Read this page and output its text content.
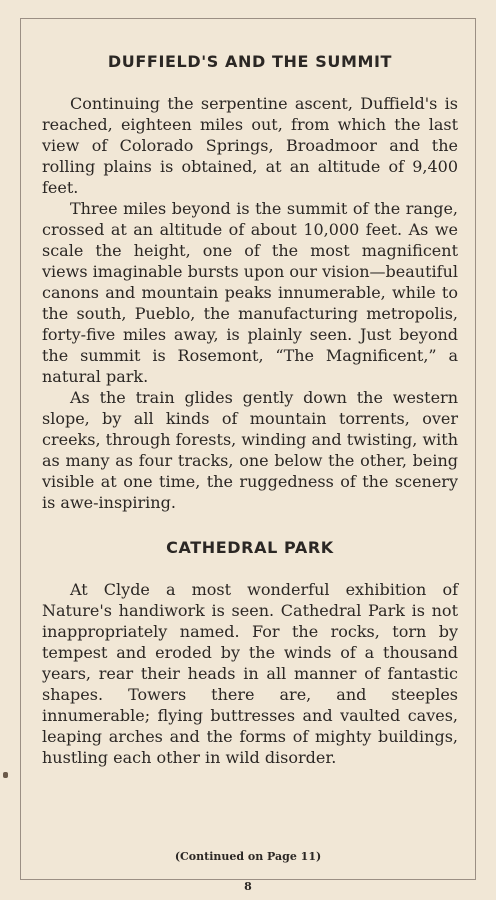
DUFFIELD'S AND THE SUMMIT

Continuing the serpentine ascent, Duffield's is reached, eighteen miles out, from which the last view of Colorado Springs, Broadmoor and the rolling plains is obtained, at an altitude of 9,400 feet.

Three miles beyond is the summit of the range, crossed at an altitude of about 10,000 feet. As we scale the height, one of the most magnificent views imaginable bursts upon our vision—beautiful canons and mountain peaks innumerable, while to the south, Pueblo, the manufacturing metropolis, forty-five miles away, is plainly seen. Just beyond the summit is Rosemont, “The Magnificent,” a natural park.

As the train glides gently down the western slope, by all kinds of mountain torrents, over creeks, through forests, winding and twisting, with as many as four tracks, one below the other, being visible at one time, the ruggedness of the scenery is awe-inspiring.

CATHEDRAL PARK

At Clyde a most wonderful exhibition of Nature's handiwork is seen. Cathedral Park is not inappropriately named. For the rocks, torn by tempest and eroded by the winds of a thousand years, rear their heads in all manner of fantastic shapes. Towers there are, and steeples innumerable; flying buttresses and vaulted caves, leaping arches and the forms of mighty buildings, hustling each other in wild disorder.

(Continued on Page 11)
8
